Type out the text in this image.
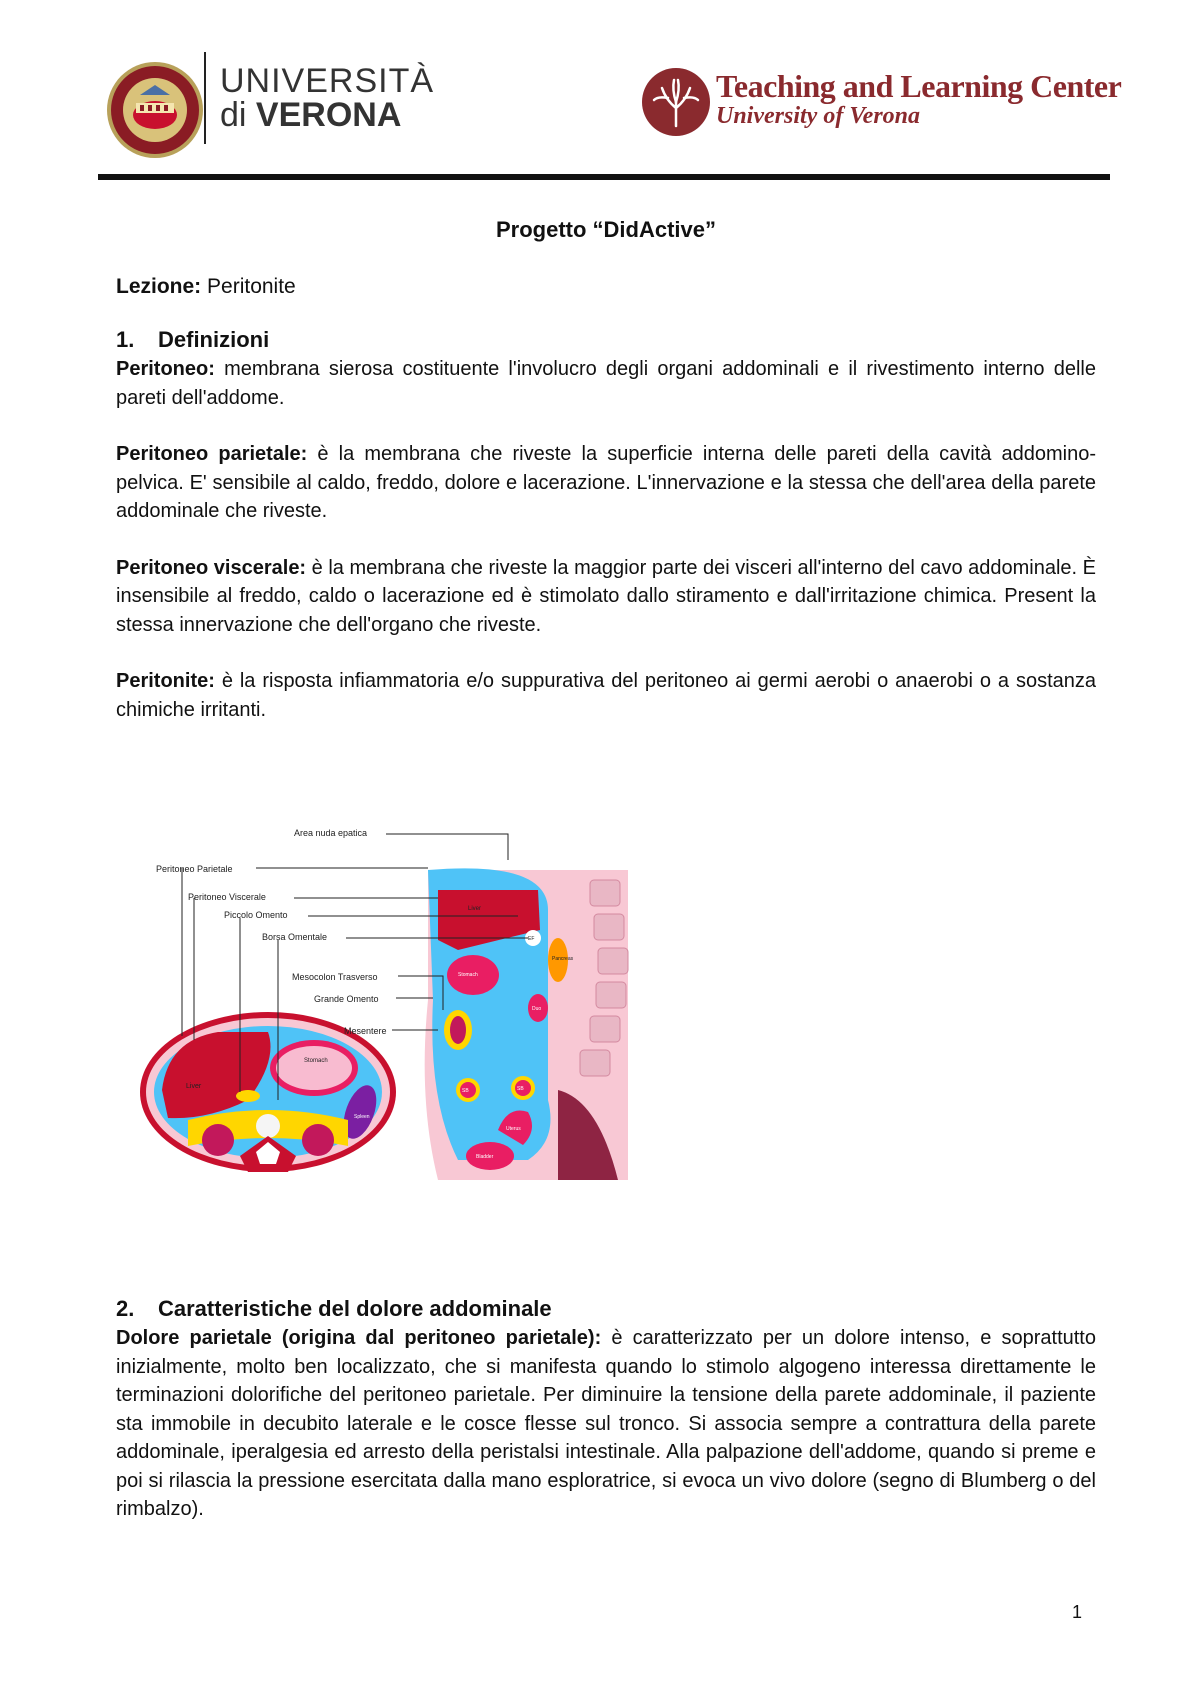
UNIVERSITÀ
di VERONA
Teaching and Learning Center
University of Verona
Progetto “DidActive”
Lezione: Peritonite
1. Definizioni

Peritoneo: membrana sierosa costituente l'involucro degli organi addominali e il rivestimento interno delle pareti dell'addome.

Peritoneo parietale: è la membrana che riveste la superficie interna delle pareti della cavità addomino-pelvica. E' sensibile al caldo, freddo, dolore e lacerazione. L'innervazione e la stessa che dell'area della parete addominale che riveste.

Peritoneo viscerale: è la membrana che riveste la maggior parte dei visceri all'interno del cavo addominale. È insensibile al freddo, caldo o lacerazione ed è stimolato dallo stiramento e dall'irritazione chimica. Present la stessa innervazione che dell'organo che riveste.

Peritonite: è la risposta infiammatoria e/o suppurativa del peritoneo ai germi aerobi o anaerobi o a sostanza chimiche irritanti.

Liver
Stomach
Spleen
Liver
Stomach
Pancreas
EF
Duo
SB	SB
Uterus
Bladder
Area nuda epatica
Peritoneo Parietale
Peritoneo Viscerale
Piccolo Omento
Borsa Omentale
Mesocolon Trasverso
Grande Omento
Mesentere
2. Caratteristiche del dolore addominale

Dolore parietale (origina dal peritoneo parietale): è caratterizzato per un dolore intenso, e soprattutto inizialmente, molto ben localizzato, che si manifesta quando lo stimolo algogeno interessa direttamente le terminazioni dolorifiche del peritoneo parietale. Per diminuire la tensione della parete addominale, il paziente sta immobile in decubito laterale e le cosce flesse sul tronco. Si associa sempre a contrattura della parete addominale, iperalgesia ed arresto della peristalsi intestinale. Alla palpazione dell'addome, quando si preme e poi si rilascia la pressione esercitata dalla mano esploratrice, si evoca un vivo dolore (segno di Blumberg o del rimbalzo).

1
